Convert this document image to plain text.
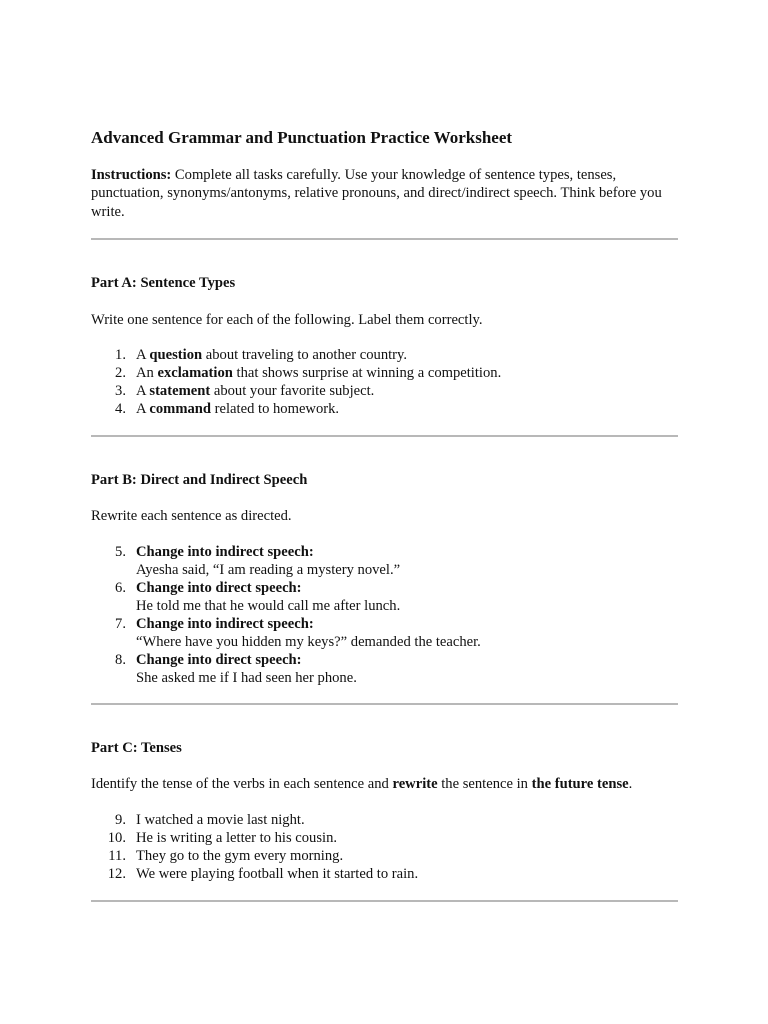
Advanced Grammar and Punctuation Practice Worksheet

Instructions: Complete all tasks carefully. Use your knowledge of sentence types, tenses, punctuation, synonyms/antonyms, relative pronouns, and direct/indirect speech. Think before you write.

Part A: Sentence Types

Write one sentence for each of the following. Label them correctly.

1. A question about traveling to another country.
2. An exclamation that shows surprise at winning a competition.
3. A statement about your favorite subject.
4. A command related to homework.
Part B: Direct and Indirect Speech

Rewrite each sentence as directed.

5. Change into indirect speech:
Ayesha said, “I am reading a mystery novel.”
6. Change into direct speech:
He told me that he would call me after lunch.
7. Change into indirect speech:
“Where have you hidden my keys?” demanded the teacher.
8. Change into direct speech:
She asked me if I had seen her phone.
Part C: Tenses

Identify the tense of the verbs in each sentence and rewrite the sentence in the future tense.

9. I watched a movie last night.
10. He is writing a letter to his cousin.
11. They go to the gym every morning.
12. We were playing football when it started to rain.
